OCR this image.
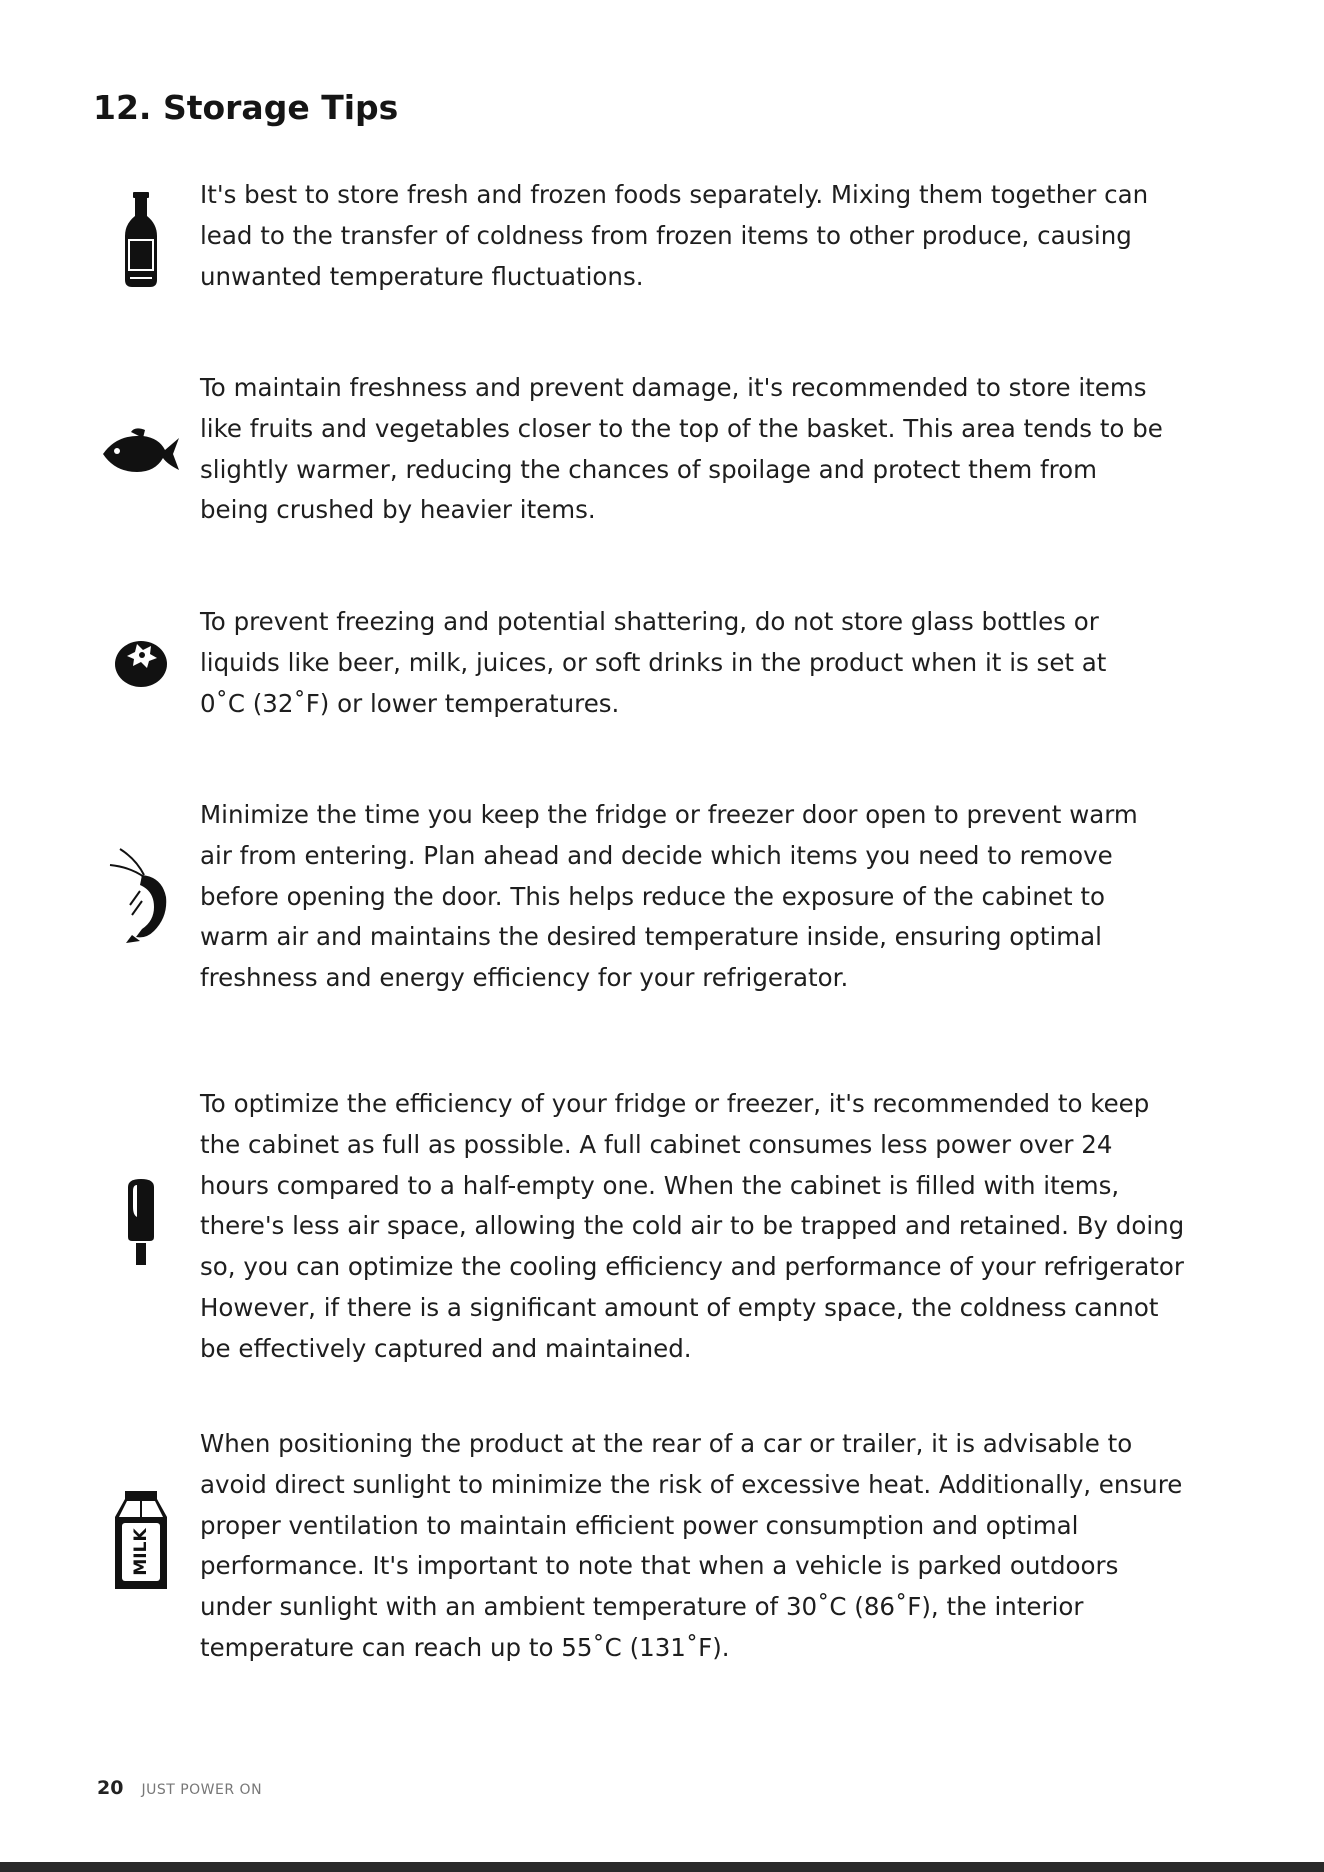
12. Storage Tips

It's best to store fresh and frozen foods separately. Mixing them together can
lead to the transfer of coldness from frozen items to other produce, causing
unwanted temperature fluctuations.

To maintain freshness and prevent damage, it's recommended to store items
like fruits and vegetables closer to the top of the basket. This area tends to be
slightly warmer, reducing the chances of spoilage and protect them from
being crushed by heavier items.

To prevent freezing and potential shattering, do not store glass bottles or
liquids like beer, milk, juices, or soft drinks in the product when it is set at
0˚C (32˚F) or lower temperatures.

Minimize the time you keep the fridge or freezer door open to prevent warm
air from entering. Plan ahead and decide which items you need to remove
before opening the door. This helps reduce the exposure of the cabinet to
warm air and maintains the desired temperature inside, ensuring optimal
freshness and energy efficiency for your refrigerator.

To optimize the efficiency of your fridge or freezer, it's recommended to keep
the cabinet as full as possible. A full cabinet consumes less power over 24
hours compared to a half-empty one. When the cabinet is filled with items,
there's less air space, allowing the cold air to be trapped and retained. By doing
so, you can optimize the cooling efficiency and performance of your refrigerator
However, if there is a significant amount of empty space, the coldness cannot
be effectively captured and maintained.

MILK

When positioning the product at the rear of a car or trailer, it is advisable to
avoid direct sunlight to minimize the risk of excessive heat. Additionally, ensure
proper ventilation to maintain efficient power consumption and optimal
performance. It's important to note that when a vehicle is parked outdoors
under sunlight with an ambient temperature of 30˚C (86˚F), the interior
temperature can reach up to 55˚C (131˚F).

20 JUST POWER ON
